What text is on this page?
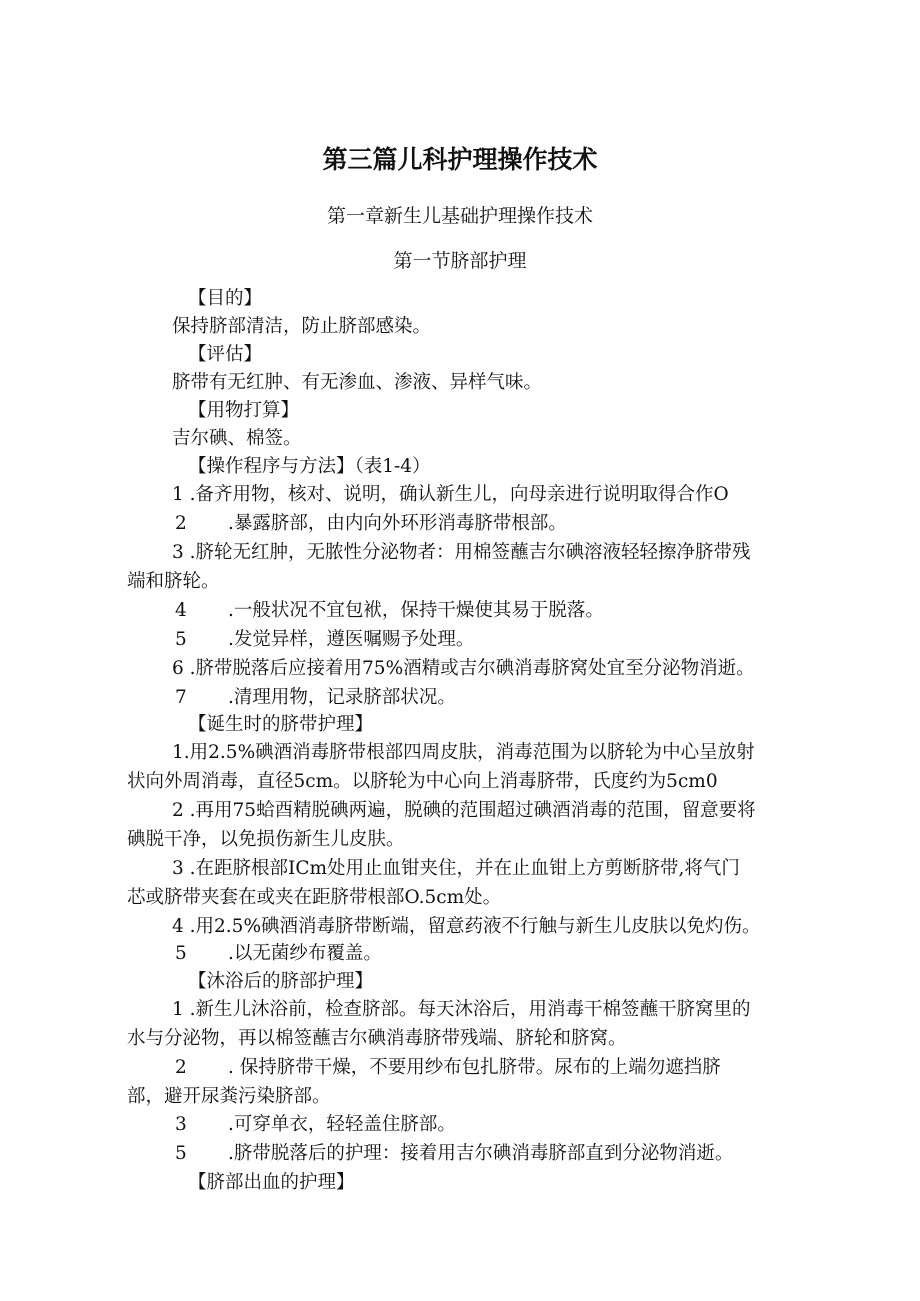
第三篇儿科护理操作技术
第一章新生儿基础护理操作技术
第一节脐部护理
【目的】
保持脐部清洁，防止脐部感染。
【评估】
脐带有无红肿、有无渗血、渗液、异样气味。
【用物打算】
吉尔碘、棉签。
【操作程序与方法】（表1-4）
1 .备齐用物，核对、说明，确认新生儿，向母亲进行说明取得合作O
2 .暴露脐部，由内向外环形消毒脐带根部。
3 .脐轮无红肿，无脓性分泌物者：用棉签蘸吉尔碘溶液轻轻擦净脐带残
端和脐轮。
4 .一般状况不宜包袱，保持干燥使其易于脱落。
5 .发觉异样，遵医嘱赐予处理。
6 .脐带脱落后应接着用75%酒精或吉尔碘消毒脐窝处宜至分泌物消逝。
7 .清理用物，记录脐部状况。
【诞生时的脐带护理】
1.用2.5%碘酒消毒脐带根部四周皮肤，消毒范围为以脐轮为中心呈放射
状向外周消毒，直径5cm。以脐轮为中心向上消毒脐带，氏度约为5cm0
2 .再用75蛤酉精脱碘两遍，脱碘的范围超过碘酒消毒的范围，留意要将
碘脱干净，以免损伤新生儿皮肤。
3 .在距脐根部ICm处用止血钳夹住，并在止血钳上方剪断脐带,将气门
芯或脐带夹套在或夹在距脐带根部O.5cm处。
4 .用2.5%碘酒消毒脐带断端，留意药液不行触与新生儿皮肤以免灼伤。
5 .以无菌纱布覆盖。
【沐浴后的脐部护理】
1 .新生儿沐浴前，检查脐部。每天沐浴后，用消毒干棉签蘸干脐窝里的
水与分泌物，再以棉签蘸吉尔碘消毒脐带残端、脐轮和脐窝。
2 . 保持脐带干燥，不要用纱布包扎脐带。尿布的上端勿遮挡脐
部，避开尿粪污染脐部。
3 .可穿单衣，轻轻盖住脐部。
5 .脐带脱落后的护理：接着用吉尔碘消毒脐部直到分泌物消逝。
【脐部出血的护理】
